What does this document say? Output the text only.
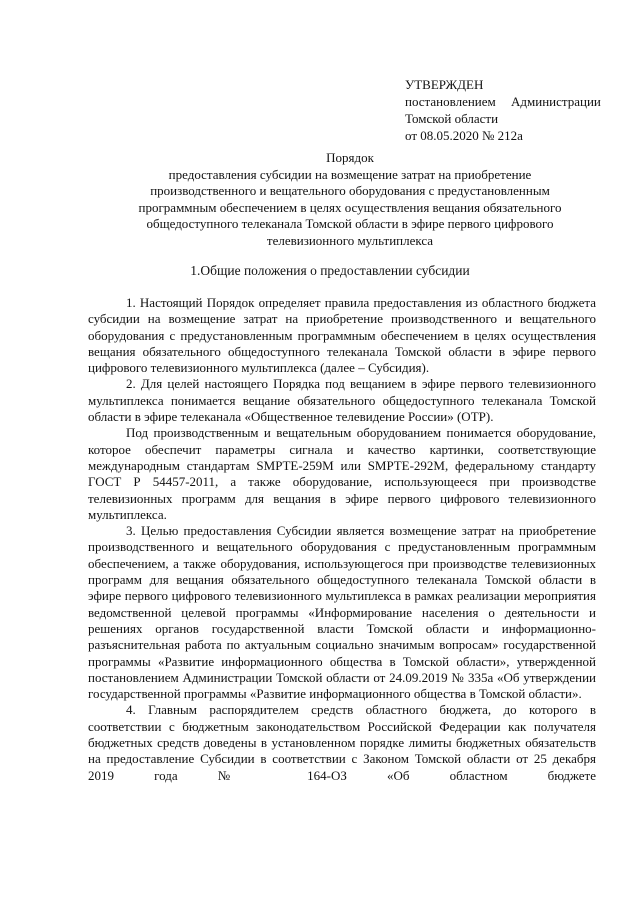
УТВЕРЖДЕН
постановлением Администрации
Томской области
от 08.05.2020 № 212а
Порядок
предоставления субсидии на возмещение затрат на приобретение
производственного и вещательного оборудования с предустановленным
программным обеспечением в целях осуществления вещания обязательного
общедоступного телеканала Томской области в эфире первого цифрового
телевизионного мультиплекса
1.Общие положения о предоставлении субсидии

1. Настоящий Порядок определяет правила предоставления из областного бюджета субсидии на возмещение затрат на приобретение производственного и вещательного оборудования с предустановленным программным обеспечением в целях осуществления вещания обязательного общедоступного телеканала Томской области в эфире первого цифрового телевизионного мультиплекса (далее – Субсидия).

2. Для целей настоящего Порядка под вещанием в эфире первого телевизионного мультиплекса понимается вещание обязательного общедоступного телеканала Томской области в эфире телеканала «Общественное телевидение России» (ОТР).

Под производственным и вещательным оборудованием понимается оборудование, которое обеспечит параметры сигнала и качество картинки, соответствующие международным стандартам SMPTE-259M или SMPTE-292M, федеральному стандарту ГОСТ Р 54457-2011, а также оборудование, использующееся при производстве телевизионных программ для вещания в эфире первого цифрового телевизионного мультиплекса.

3. Целью предоставления Субсидии является возмещение затрат на приобретение производственного и вещательного оборудования с предустановленным программным обеспечением, а также оборудования, использующегося при производстве телевизионных программ для вещания обязательного общедоступного телеканала Томской области в эфире первого цифрового телевизионного мультиплекса в рамках реализации мероприятия ведомственной целевой программы «Информирование населения о деятельности и решениях органов государственной власти Томской области и информационно-разъяснительная работа по актуальным социально значимым вопросам» государственной программы «Развитие информационного общества в Томской области», утвержденной постановлением Администрации Томской области от 24.09.2019 № 335а «Об утверждении государственной программы «Развитие информационного общества в Томской области».

4. Главным распорядителем средств областного бюджета, до которого в соответствии с бюджетным законодательством Российской Федерации как получателя бюджетных средств доведены в установленном порядке лимиты бюджетных обязательств на предоставление Субсидии в соответствии с Законом Томской области от 25 декабря 2019 года № 164-ОЗ «Об областном бюджете
